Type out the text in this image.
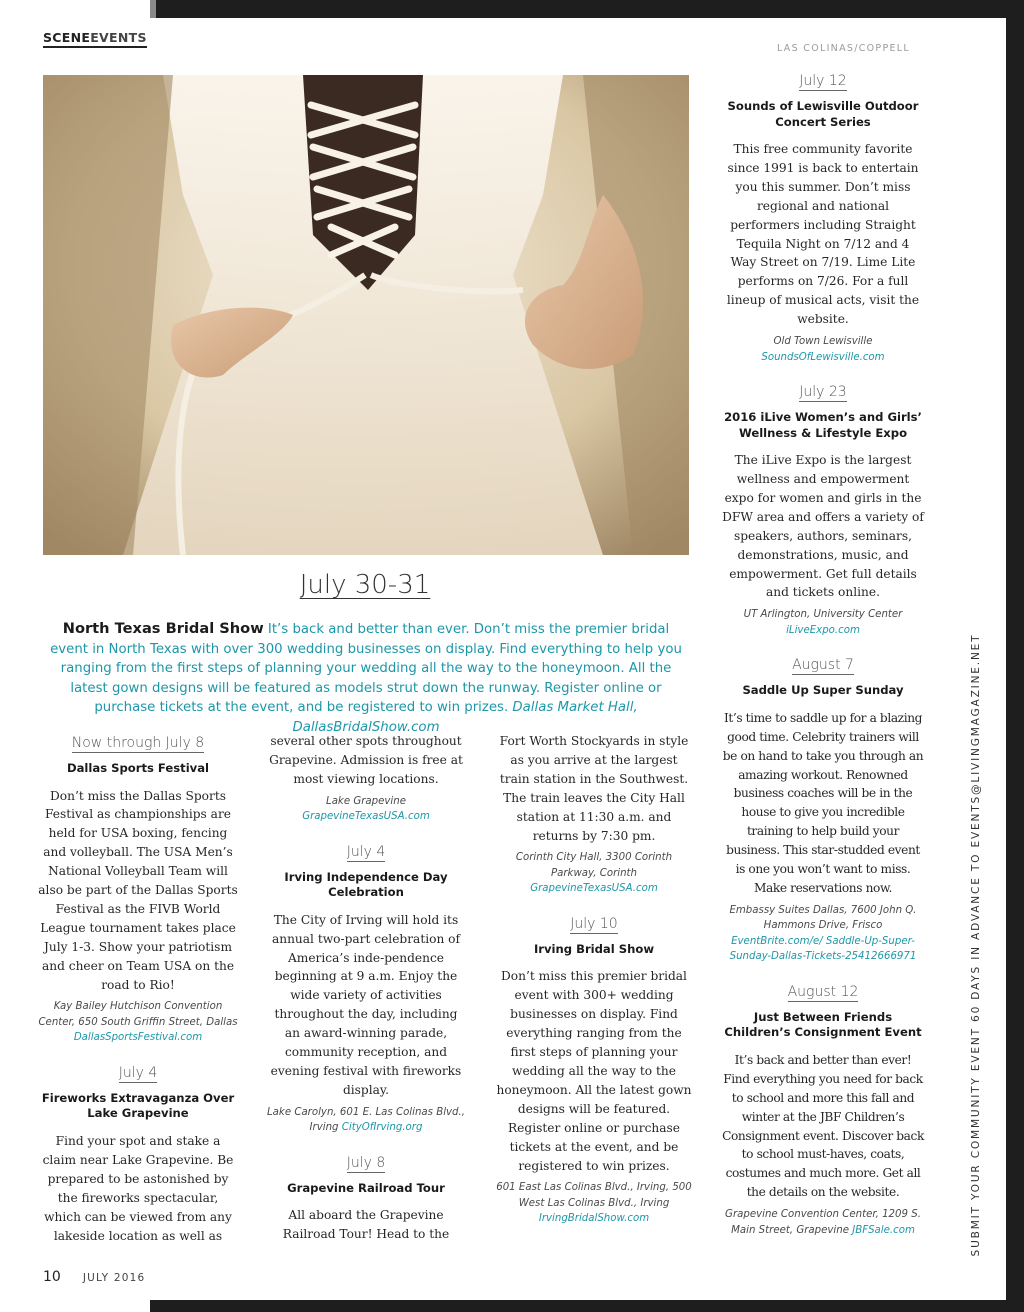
SCENEEVENTS
LAS COLINAS/COPPELL
July 30-31
North Texas Bridal Show It’s back and better than ever. Don’t miss the premier bridal event in North Texas with over 300 wedding businesses on display. Find everything to help you ranging from the first steps of planning your wedding all the way to the honeymoon. All the latest gown designs will be featured as models strut down the runway. Register online or purchase tickets at the event, and be registered to win prizes. Dallas Market Hall, DallasBridalShow.com
Now through July 8
Dallas Sports Festival
Don’t miss the Dallas Sports Festival as championships are held for USA boxing, fencing and volleyball. The USA Men’s National Volleyball Team will also be part of the Dallas Sports Festival as the FIVB World League tournament takes place July 1-3. Show your patriotism and cheer on Team USA on the road to Rio!
Kay Bailey Hutchison Convention Center, 650 South Griffin Street, Dallas DallasSportsFestival.com
July 4
Fireworks Extravaganza Over Lake Grapevine
Find your spot and stake a claim near Lake Grapevine. Be prepared to be astonished by the fireworks spectacular, which can be viewed from any lakeside location as well as
several other spots throughout Grapevine. Admission is free at most viewing locations.
Lake Grapevine
GrapevineTexasUSA.com
July 4
Irving Independence Day Celebration
The City of Irving will hold its annual two-part celebration of America’s inde-pendence beginning at 9 a.m. Enjoy the wide variety of activities throughout the day, including an award-winning parade, community reception, and evening festival with fireworks display.
Lake Carolyn, 601 E. Las Colinas Blvd., Irving CityOfIrving.org
July 8
Grapevine Railroad Tour
All aboard the Grapevine Railroad Tour! Head to the
Fort Worth Stockyards in style as you arrive at the largest train station in the Southwest. The train leaves the City Hall station at 11:30 a.m. and returns by 7:30 pm.
Corinth City Hall, 3300 Corinth Parkway, Corinth
GrapevineTexasUSA.com
July 10
Irving Bridal Show
Don’t miss this premier bridal event with 300+ wedding businesses on display. Find everything ranging from the first steps of planning your wedding all the way to the honeymoon. All the latest gown designs will be featured. Register online or purchase tickets at the event, and be registered to win prizes.
601 East Las Colinas Blvd., Irving, 500 West Las Colinas Blvd., Irving
IrvingBridalShow.com
July 12
Sounds of Lewisville Outdoor Concert Series
This free community favorite since 1991 is back to entertain you this summer. Don’t miss regional and national performers including Straight Tequila Night on 7/12 and 4 Way Street on 7/19. Lime Lite performs on 7/26. For a full lineup of musical acts, visit the website.
Old Town Lewisville
SoundsOfLewisville.com
July 23
2016 iLive Women’s and Girls’ Wellness & Lifestyle Expo
The iLive Expo is the largest wellness and empowerment expo for women and girls in the DFW area and offers a variety of speakers, authors, seminars, demonstrations, music, and empowerment. Get full details and tickets online.
UT Arlington, University Center
iLiveExpo.com
August 7
Saddle Up Super Sunday
It’s time to saddle up for a blazing good time. Celebrity trainers will be on hand to take you through an amazing workout. Renowned business coaches will be in the house to give you incredible training to help build your business. This star-studded event is one you won’t want to miss. Make reservations now.
Embassy Suites Dallas, 7600 John Q. Hammons Drive, Frisco EventBrite.com/e/ Saddle-Up-Super-Sunday-Dallas-Tickets-25412666971
August 12
Just Between Friends Children’s Consignment Event
It’s back and better than ever! Find everything you need for back to school and more this fall and winter at the JBF Children’s Consignment event. Discover back to school must-haves, coats, costumes and much more. Get all the details on the website.
Grapevine Convention Center, 1209 S. Main Street, Grapevine JBFSale.com	SUBMIT YOUR COMMUNITY EVENT 60 DAYS IN ADVANCE TO EVENTS@LIVINGMAGAZINE.NET
10 JULY 2016
